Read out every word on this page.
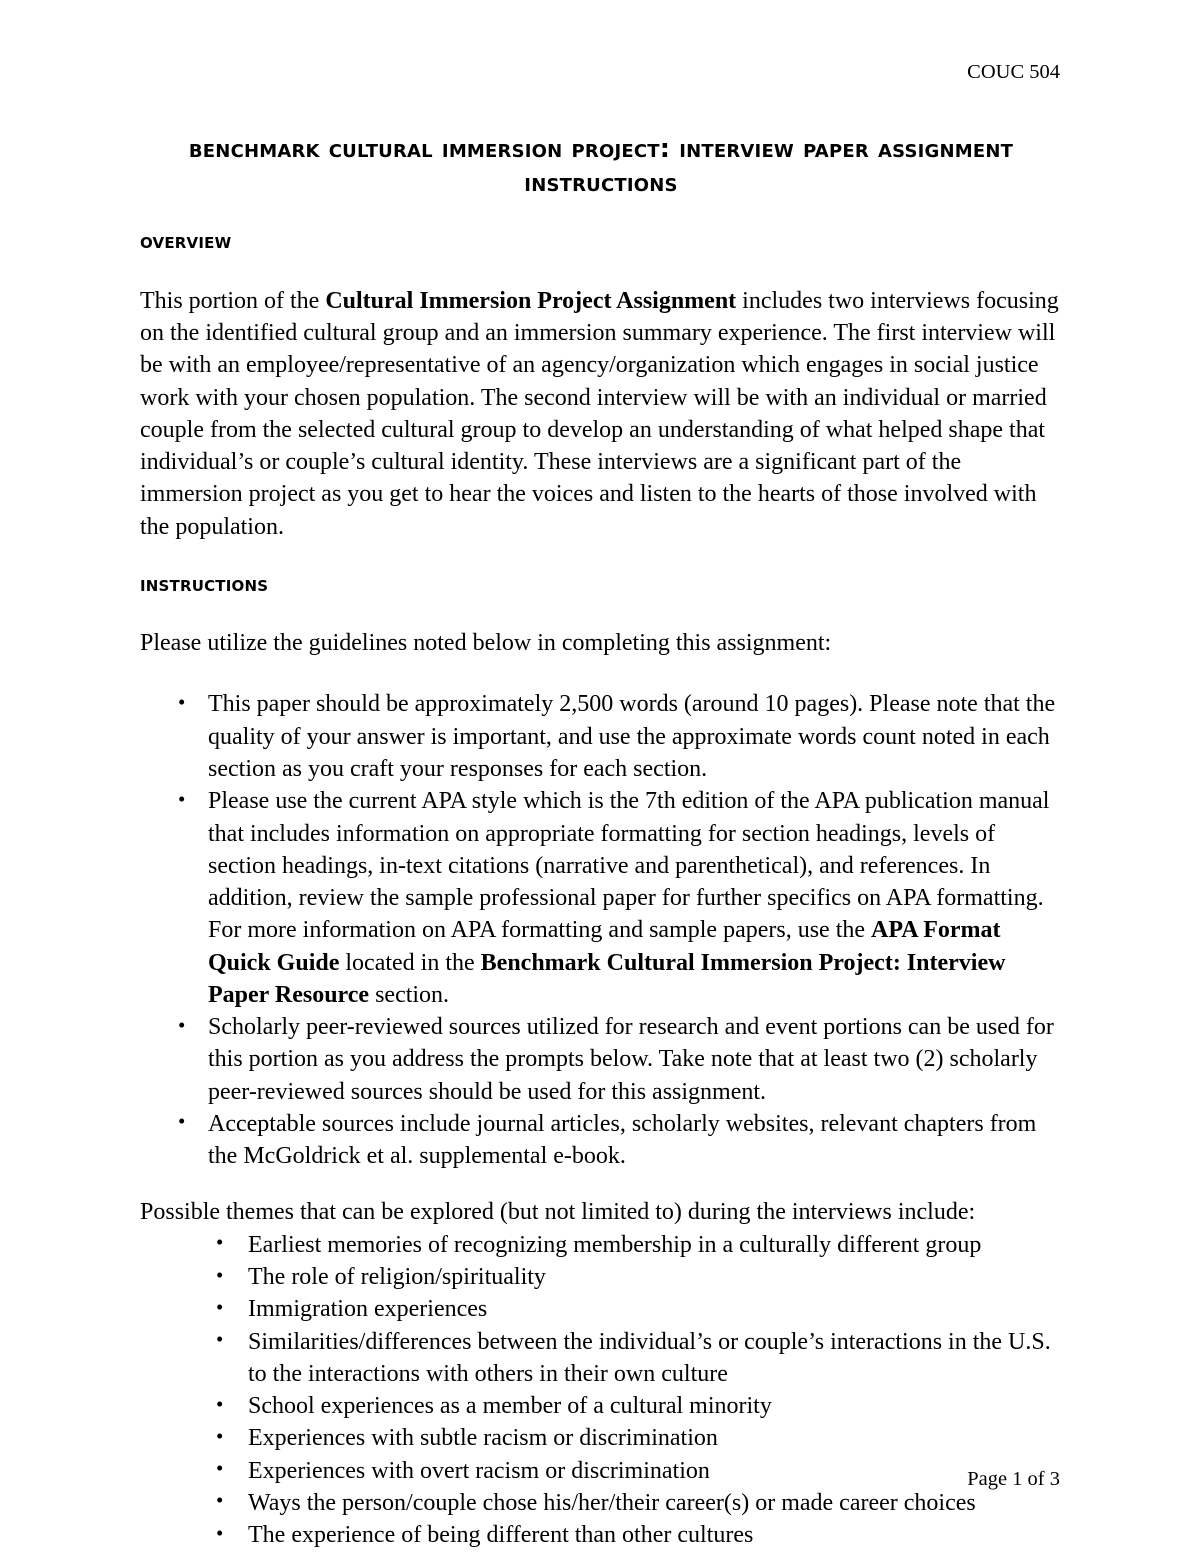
COUC 504
benchmark cultural immersion project: interview paper assignment instructions
overview

This portion of the Cultural Immersion Project Assignment includes two interviews focusing on the identified cultural group and an immersion summary experience. The first interview will be with an employee/representative of an agency/organization which engages in social justice work with your chosen population. The second interview will be with an individual or married couple from the selected cultural group to develop an understanding of what helped shape that individual’s or couple’s cultural identity. These interviews are a significant part of the immersion project as you get to hear the voices and listen to the hearts of those involved with the population.

instructions

Please utilize the guidelines noted below in completing this assignment:

• This paper should be approximately 2,500 words (around 10 pages). Please note that the quality of your answer is important, and use the approximate words count noted in each section as you craft your responses for each section.
• Please use the current APA style which is the 7th edition of the APA publication manual that includes information on appropriate formatting for section headings, levels of section headings, in-text citations (narrative and parenthetical), and references. In addition, review the sample professional paper for further specifics on APA formatting. For more information on APA formatting and sample papers, use the APA Format Quick Guide located in the Benchmark Cultural Immersion Project: Interview Paper Resource section.
• Scholarly peer-reviewed sources utilized for research and event portions can be used for this portion as you address the prompts below. Take note that at least two (2) scholarly peer-reviewed sources should be used for this assignment.
• Acceptable sources include journal articles, scholarly websites, relevant chapters from the McGoldrick et al. supplemental e-book.

Possible themes that can be explored (but not limited to) during the interviews include:

• Earliest memories of recognizing membership in a culturally different group
• The role of religion/spirituality
• Immigration experiences
• Similarities/differences between the individual’s or couple’s interactions in the U.S. to the interactions with others in their own culture
• School experiences as a member of a cultural minority
• Experiences with subtle racism or discrimination
• Experiences with overt racism or discrimination
• Ways the person/couple chose his/her/their career(s) or made career choices
• The experience of being different than other cultures
Page 1 of 3
